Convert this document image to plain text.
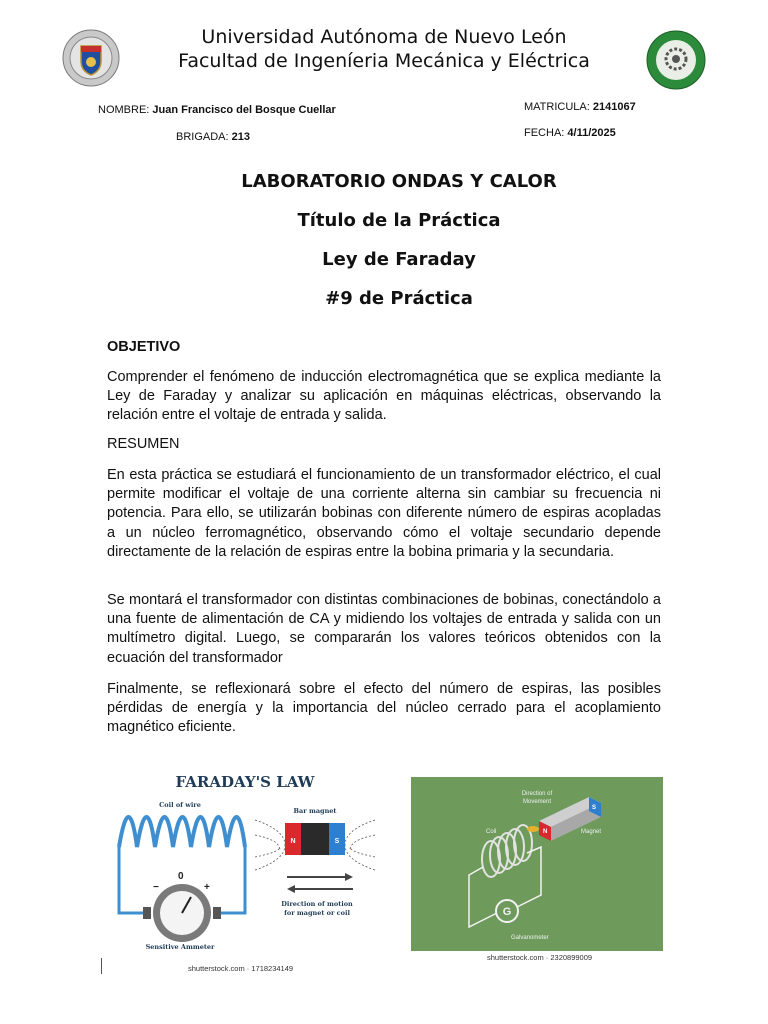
Universidad Autónoma de Nuevo León
Facultad de Ingeníeria Mecánica y Eléctrica
NOMBRE: Juan Francisco del Bosque Cuellar	MATRICULA: 2141067
BRIGADA: 213	FECHA: 4/11/2025
LABORATORIO ONDAS Y CALOR
Título de la Práctica
Ley de Faraday
#9 de Práctica
OBJETIVO

Comprender el fenómeno de inducción electromagnética que se explica mediante la Ley de Faraday y analizar su aplicación en máquinas eléctricas, observando la relación entre el voltaje de entrada y salida.

RESUMEN

En esta práctica se estudiará el funcionamiento de un transformador eléctrico, el cual permite modificar el voltaje de una corriente alterna sin cambiar su frecuencia ni potencia. Para ello, se utilizarán bobinas con diferente número de espiras acopladas a un núcleo ferromagnético, observando cómo el voltaje secundario depende directamente de la relación de espiras entre la bobina primaria y la secundaria.

Se montará el transformador con distintas combinaciones de bobinas, conectándolo a una fuente de alimentación de CA y midiendo los voltajes de entrada y salida con un multímetro digital. Luego, se compararán los valores teóricos obtenidos con la ecuación del transformador

Finalmente, se reflexionará sobre el efecto del número de espiras, las posibles pérdidas de energía y la importancia del núcleo cerrado para el acoplamiento magnético eficiente.

FARADAY'S LAW
Coil of wire
−
0
+
Sensitive Ammeter
Bar magnet
N	S
Direction of motion
for magnet or coil
shutterstock.com · 1718234149
Direction of
Movement
Coil	N
S
Magnet
G
Galvanometer
shutterstock.com · 2320899009
